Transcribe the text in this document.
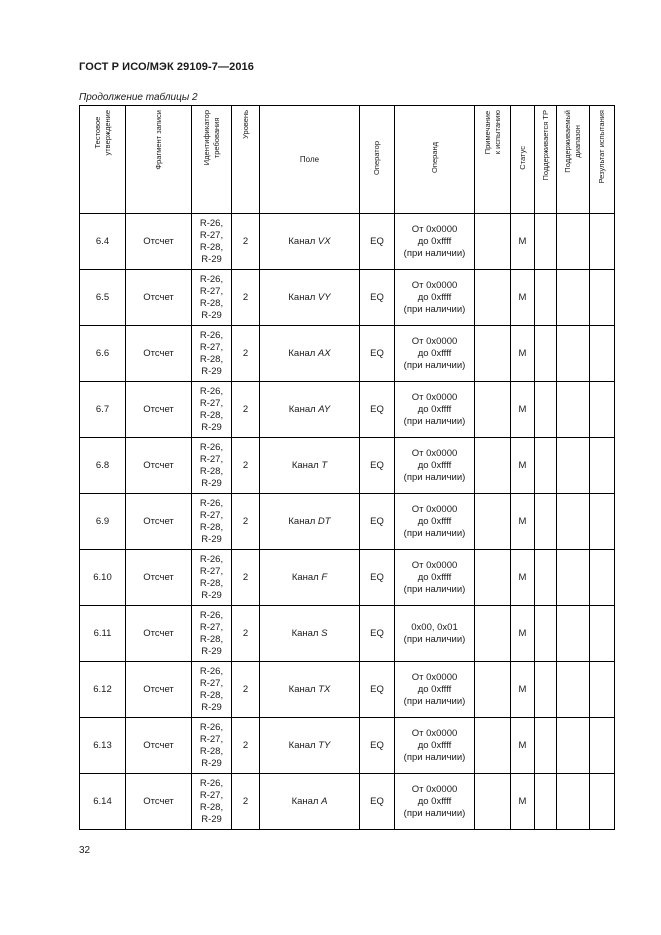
ГОСТ Р ИСО/МЭК 29109-7—2016
Продолжение таблицы 2
Тестовое
утверждение	Фрагмент записи	Идентификатор
требования	Уровень	Поле	Оператор	Операнд	Примечание
к испытанию	Статус	Поддерживается ТР	Поддерживаемый
диапазон	Результат испытания
6.4	Отсчет	R-26,
R-27,
R-28,
R-29	2	Канал VX	EQ	От 0x0000
до 0xffff
(при наличии)		M			
6.5	Отсчет	R-26,
R-27,
R-28,
R-29	2	Канал VY	EQ	От 0x0000
до 0xffff
(при наличии)		M			
6.6	Отсчет	R-26,
R-27,
R-28,
R-29	2	Канал AX	EQ	От 0x0000
до 0xffff
(при наличии)		M			
6.7	Отсчет	R-26,
R-27,
R-28,
R-29	2	Канал AY	EQ	От 0x0000
до 0xffff
(при наличии)		M			
6.8	Отсчет	R-26,
R-27,
R-28,
R-29	2	Канал T	EQ	От 0x0000
до 0xffff
(при наличии)		M			
6.9	Отсчет	R-26,
R-27,
R-28,
R-29	2	Канал DT	EQ	От 0x0000
до 0xffff
(при наличии)		M			
6.10	Отсчет	R-26,
R-27,
R-28,
R-29	2	Канал F	EQ	От 0x0000
до 0xffff
(при наличии)		M			
6.11	Отсчет	R-26,
R-27,
R-28,
R-29	2	Канал S	EQ	0x00, 0x01
(при наличии)		M			
6.12	Отсчет	R-26,
R-27,
R-28,
R-29	2	Канал TX	EQ	От 0x0000
до 0xffff
(при наличии)		M			
6.13	Отсчет	R-26,
R-27,
R-28,
R-29	2	Канал TY	EQ	От 0x0000
до 0xffff
(при наличии)		M			
6.14	Отсчет	R-26,
R-27,
R-28,
R-29	2	Канал A	EQ	От 0x0000
до 0xffff
(при наличии)		M			
32
